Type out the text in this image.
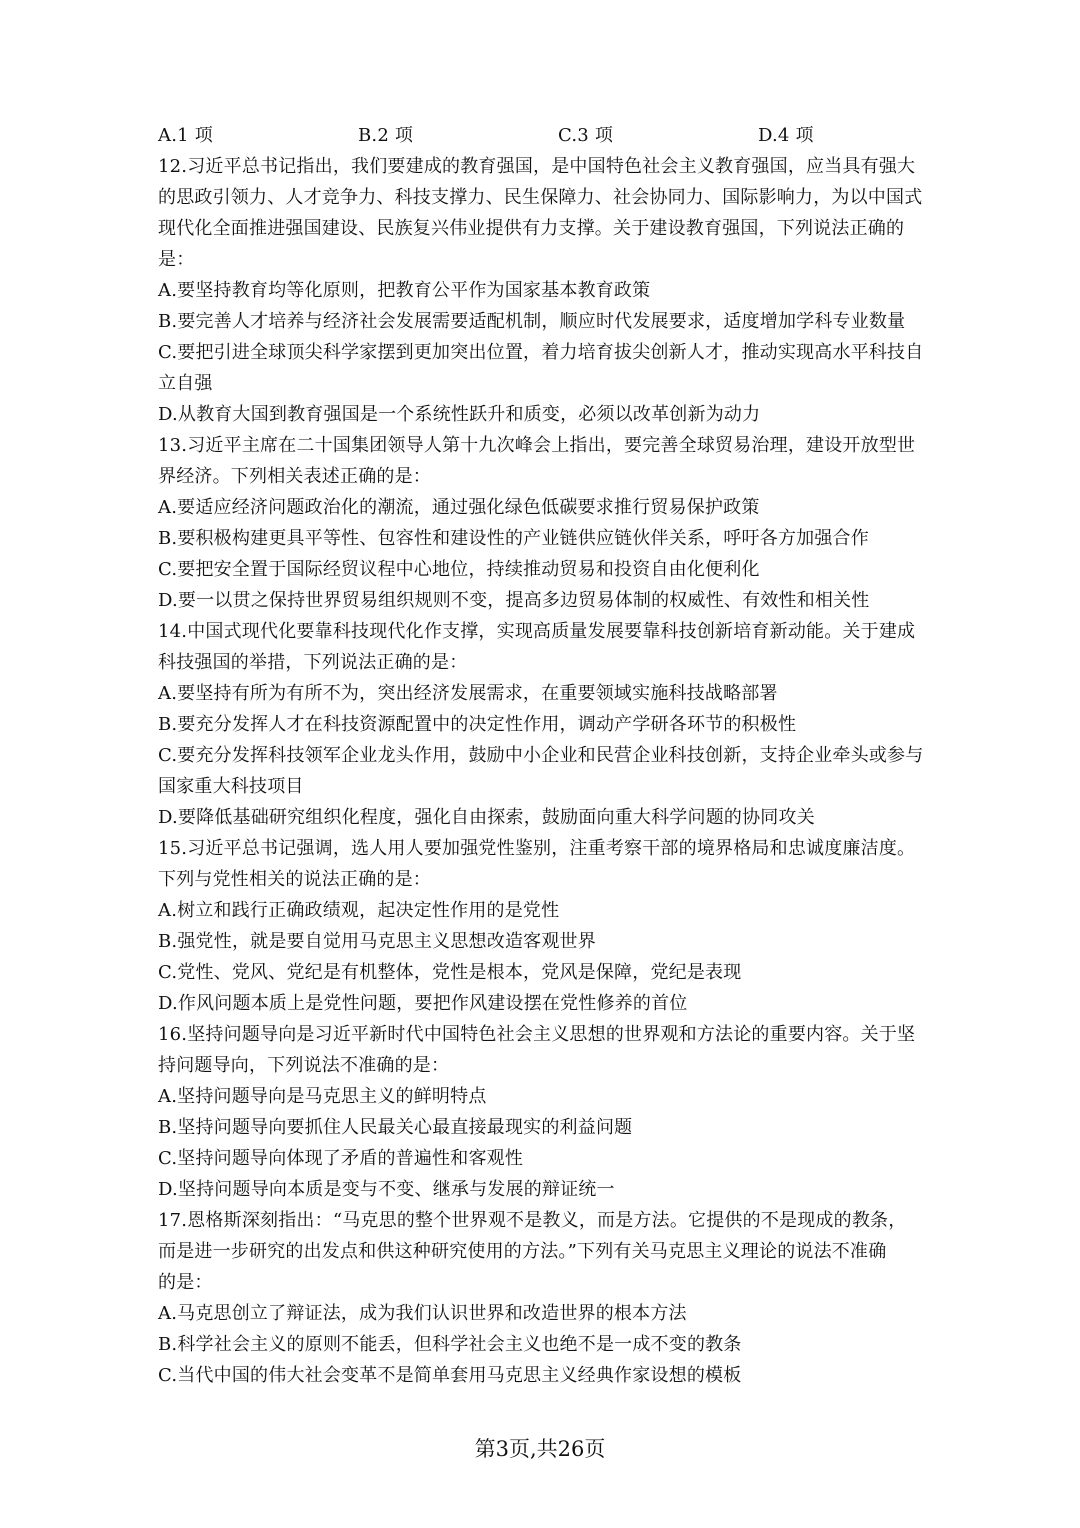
A.1 项	B.2 项	C.3 项	D.4 项
12.习近平总书记指出，我们要建成的教育强国，是中国特色社会主义教育强国，应当具有强大
的思政引领力、人才竞争力、科技支撑力、民生保障力、社会协同力、国际影响力，为以中国式
现代化全面推进强国建设、民族复兴伟业提供有力支撑。关于建设教育强国，下列说法正确的
是：
A.要坚持教育均等化原则，把教育公平作为国家基本教育政策
B.要完善人才培养与经济社会发展需要适配机制，顺应时代发展要求，适度增加学科专业数量
C.要把引进全球顶尖科学家摆到更加突出位置，着力培育拔尖创新人才，推动实现高水平科技自
立自强
D.从教育大国到教育强国是一个系统性跃升和质变，必须以改革创新为动力
13.习近平主席在二十国集团领导人第十九次峰会上指出，要完善全球贸易治理，建设开放型世
界经济。下列相关表述正确的是：
A.要适应经济问题政治化的潮流，通过强化绿色低碳要求推行贸易保护政策
B.要积极构建更具平等性、包容性和建设性的产业链供应链伙伴关系，呼吁各方加强合作
C.要把安全置于国际经贸议程中心地位，持续推动贸易和投资自由化便利化
D.要一以贯之保持世界贸易组织规则不变，提高多边贸易体制的权威性、有效性和相关性
14.中国式现代化要靠科技现代化作支撑，实现高质量发展要靠科技创新培育新动能。关于建成
科技强国的举措，下列说法正确的是：
A.要坚持有所为有所不为，突出经济发展需求，在重要领域实施科技战略部署
B.要充分发挥人才在科技资源配置中的决定性作用，调动产学研各环节的积极性
C.要充分发挥科技领军企业龙头作用，鼓励中小企业和民营企业科技创新，支持企业牵头或参与
国家重大科技项目
D.要降低基础研究组织化程度，强化自由探索，鼓励面向重大科学问题的协同攻关
15.习近平总书记强调，选人用人要加强党性鉴别，注重考察干部的境界格局和忠诚度廉洁度。
下列与党性相关的说法正确的是：
A.树立和践行正确政绩观，起决定性作用的是党性
B.强党性，就是要自觉用马克思主义思想改造客观世界
C.党性、党风、党纪是有机整体，党性是根本，党风是保障，党纪是表现
D.作风问题本质上是党性问题，要把作风建设摆在党性修养的首位
16.坚持问题导向是习近平新时代中国特色社会主义思想的世界观和方法论的重要内容。关于坚
持问题导向，下列说法不准确的是：
A.坚持问题导向是马克思主义的鲜明特点
B.坚持问题导向要抓住人民最关心最直接最现实的利益问题
C.坚持问题导向体现了矛盾的普遍性和客观性
D.坚持问题导向本质是变与不变、继承与发展的辩证统一
17.恩格斯深刻指出：“马克思的整个世界观不是教义，而是方法。它提供的不是现成的教条，
而是进一步研究的出发点和供这种研究使用的方法。”下列有关马克思主义理论的说法不准确
的是：
A.马克思创立了辩证法，成为我们认识世界和改造世界的根本方法
B.科学社会主义的原则不能丢，但科学社会主义也绝不是一成不变的教条
C.当代中国的伟大社会变革不是简单套用马克思主义经典作家设想的模板
第3页,共26页
